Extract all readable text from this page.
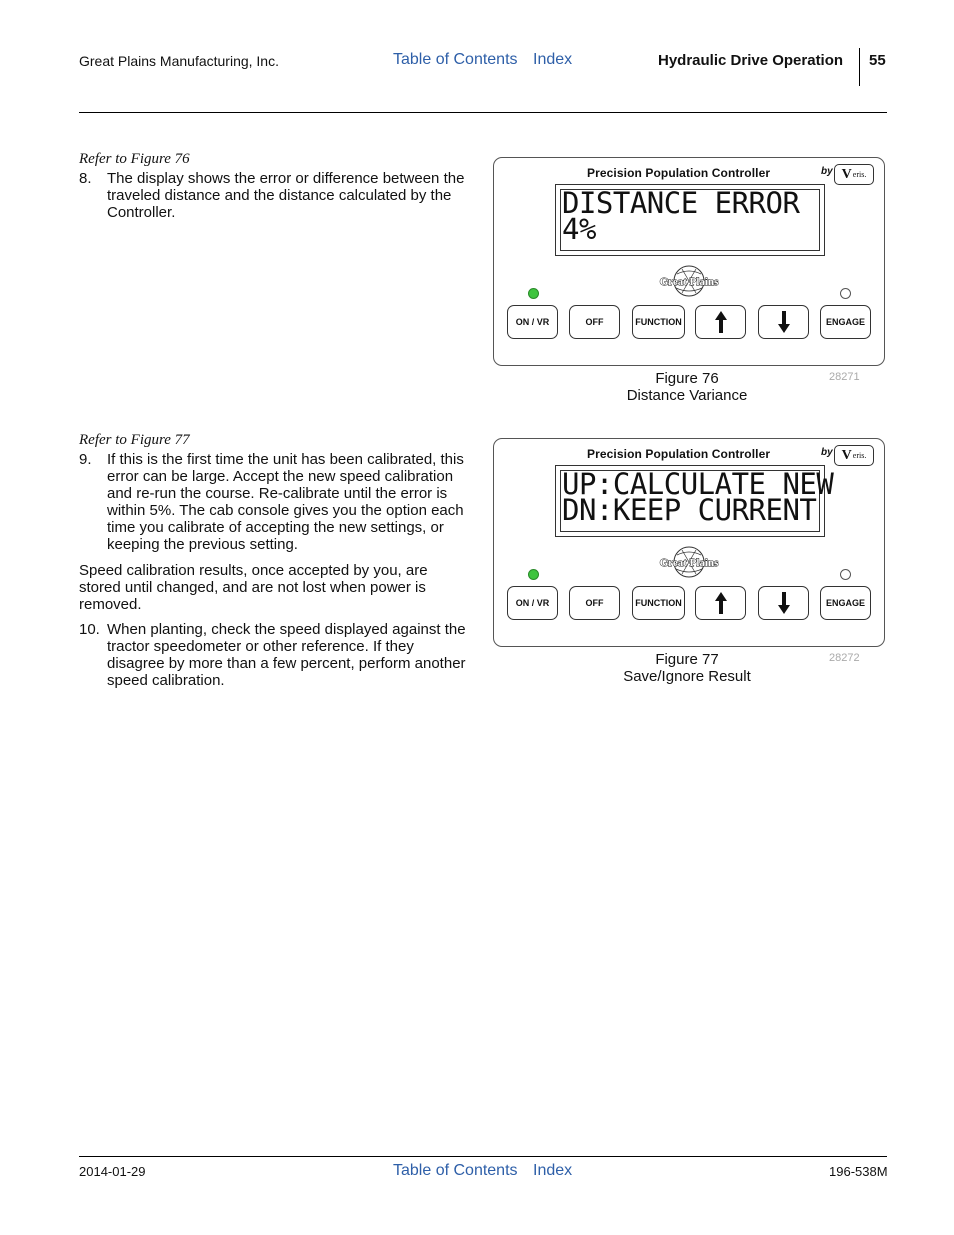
Great Plains Manufacturing, Inc.	Table of Contents Index	Hydraulic Drive Operation 55
Refer to Figure 76
8. The display shows the error or difference between the traveled distance and the distance calculated by the Controller.
Precision Population Controller	by V eris.
DISTANCE ERROR
4%
Great Plains
ON / VR	OFF	FUNCTION	ENGAGE
Figure 76
Distance Variance
28271
Refer to Figure 77
9. If this is the first time the unit has been calibrated, this error can be large. Accept the new speed calibration and re-run the course. Re-calibrate until the error is within 5%. The cab console gives you the option each time you calibrate of accepting the new settings, or keeping the previous setting.
Speed calibration results, once accepted by you, are stored until changed, and are not lost when power is removed.
10. When planting, check the speed displayed against the tractor speedometer or other reference. If they disagree by more than a few percent, perform another speed calibration.
Precision Population Controller	by V eris.
UP:CALCULATE NEW
DN:KEEP CURRENT
Great Plains
ON / VR	OFF	FUNCTION	ENGAGE
Figure 77
Save/Ignore Result
28272
2014-01-29	Table of Contents Index	196-538M
